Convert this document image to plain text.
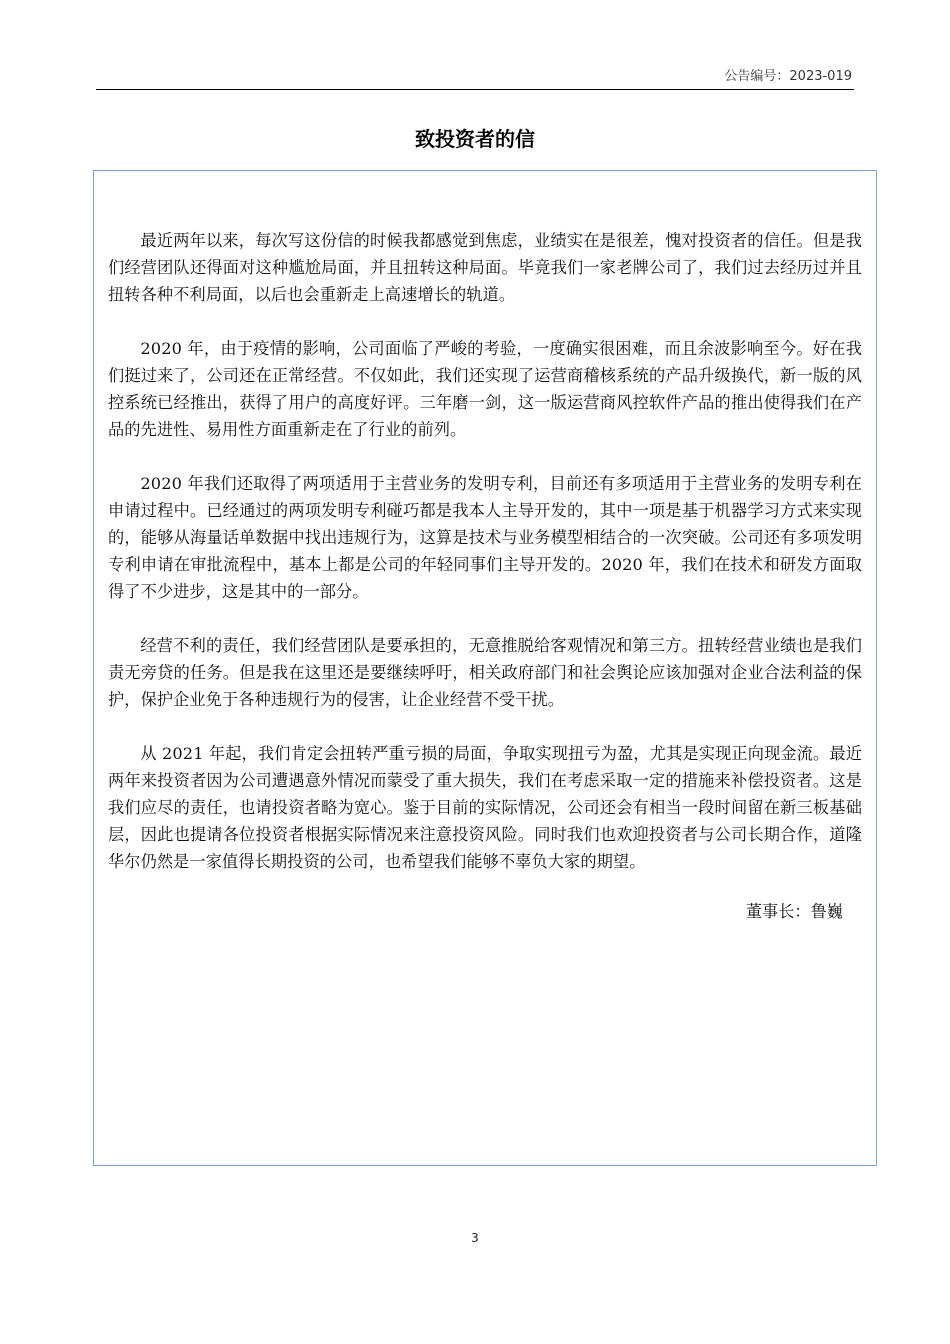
公告编号：2023-019
致投资者的信

最近两年以来，每次写这份信的时候我都感觉到焦虑，业绩实在是很差，愧对投资者的信任。但是我们经营团队还得面对这种尴尬局面，并且扭转这种局面。毕竟我们一家老牌公司了，我们过去经历过并且扭转各种不利局面，以后也会重新走上高速增长的轨道。

2020 年，由于疫情的影响，公司面临了严峻的考验，一度确实很困难，而且余波影响至今。好在我们挺过来了，公司还在正常经营。不仅如此，我们还实现了运营商稽核系统的产品升级换代，新一版的风控系统已经推出，获得了用户的高度好评。三年磨一剑，这一版运营商风控软件产品的推出使得我们在产品的先进性、易用性方面重新走在了行业的前列。

2020 年我们还取得了两项适用于主营业务的发明专利，目前还有多项适用于主营业务的发明专利在申请过程中。已经通过的两项发明专利碰巧都是我本人主导开发的，其中一项是基于机器学习方式来实现的，能够从海量话单数据中找出违规行为，这算是技术与业务模型相结合的一次突破。公司还有多项发明专利申请在审批流程中，基本上都是公司的年轻同事们主导开发的。2020 年，我们在技术和研发方面取得了不少进步，这是其中的一部分。

经营不利的责任，我们经营团队是要承担的，无意推脱给客观情况和第三方。扭转经营业绩也是我们责无旁贷的任务。但是我在这里还是要继续呼吁，相关政府部门和社会舆论应该加强对企业合法利益的保护，保护企业免于各种违规行为的侵害，让企业经营不受干扰。

从 2021 年起，我们肯定会扭转严重亏损的局面，争取实现扭亏为盈，尤其是实现正向现金流。最近两年来投资者因为公司遭遇意外情况而蒙受了重大损失，我们在考虑采取一定的措施来补偿投资者。这是我们应尽的责任，也请投资者略为宽心。鉴于目前的实际情况，公司还会有相当一段时间留在新三板基础层，因此也提请各位投资者根据实际情况来注意投资风险。同时我们也欢迎投资者与公司长期合作，道隆华尔仍然是一家值得长期投资的公司，也希望我们能够不辜负大家的期望。

董事长：鲁巍
3
